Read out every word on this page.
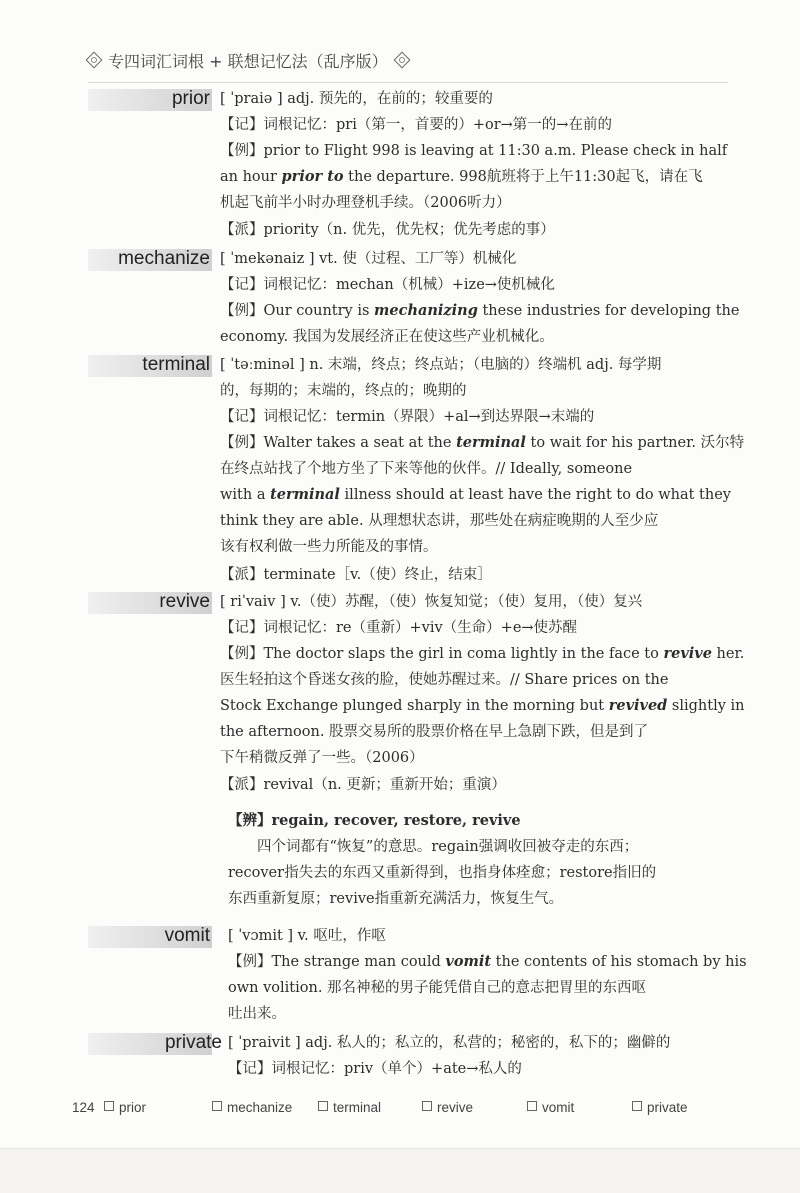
专四词汇词根 + 联想记忆法（乱序版）
prior [ ˈpraiə ] adj. 预先的，在前的；较重要的
【记】词根记忆：pri（第一，首要的）+or→第一的→在前的
【例】prior to Flight 998 is leaving at 11:30 a.m. Please check in half
an hour prior to the departure. 998航班将于上午11:30起飞，请在飞
机起飞前半小时办理登机手续。（2006听力）
【派】priority（n. 优先，优先权；优先考虑的事）
mechanize [ ˈmekənaiz ] vt. 使（过程、工厂等）机械化
【记】词根记忆：mechan（机械）+ize→使机械化
【例】Our country is mechanizing these industries for developing the
economy. 我国为发展经济正在使这些产业机械化。
terminal [ ˈtəːminəl ] n. 末端，终点；终点站；（电脑的）终端机 adj. 每学期
的，每期的；末端的，终点的；晚期的
【记】词根记忆：termin（界限）+al→到达界限→末端的
【例】Walter takes a seat at the terminal to wait for his partner. 沃尔特
在终点站找了个地方坐了下来等他的伙伴。// Ideally, someone
with a terminal illness should at least have the right to do what they
think they are able. 从理想状态讲，那些处在病症晚期的人至少应
该有权利做一些力所能及的事情。
【派】terminate［v.（使）终止，结束］
revive [ riˈvaiv ] v.（使）苏醒，（使）恢复知觉；（使）复用，（使）复兴
【记】词根记忆：re（重新）+viv（生命）+e→使苏醒
【例】The doctor slaps the girl in coma lightly in the face to revive her.
医生轻拍这个昏迷女孩的脸，使她苏醒过来。// Share prices on the
Stock Exchange plunged sharply in the morning but revived slightly in
the afternoon. 股票交易所的股票价格在早上急剧下跌，但是到了
下午稍微反弹了一些。（2006）
【派】revival（n. 更新；重新开始；重演）
【辨】regain, recover, restore, revive
四个词都有“恢复”的意思。regain强调收回被夺走的东西；
recover指失去的东西又重新得到，也指身体痊愈；restore指旧的
东西重新复原；revive指重新充满活力，恢复生气。
vomit [ ˈvɔmit ] v. 呕吐，作呕
【例】The strange man could vomit the contents of his stomach by his
own volition. 那名神秘的男子能凭借自己的意志把胃里的东西呕
吐出来。
private [ ˈpraivit ] adj. 私人的；私立的，私营的；秘密的，私下的；幽僻的
【记】词根记忆：priv（单个）+ate→私人的
124	prior	mechanize	terminal	revive	vomit	private
